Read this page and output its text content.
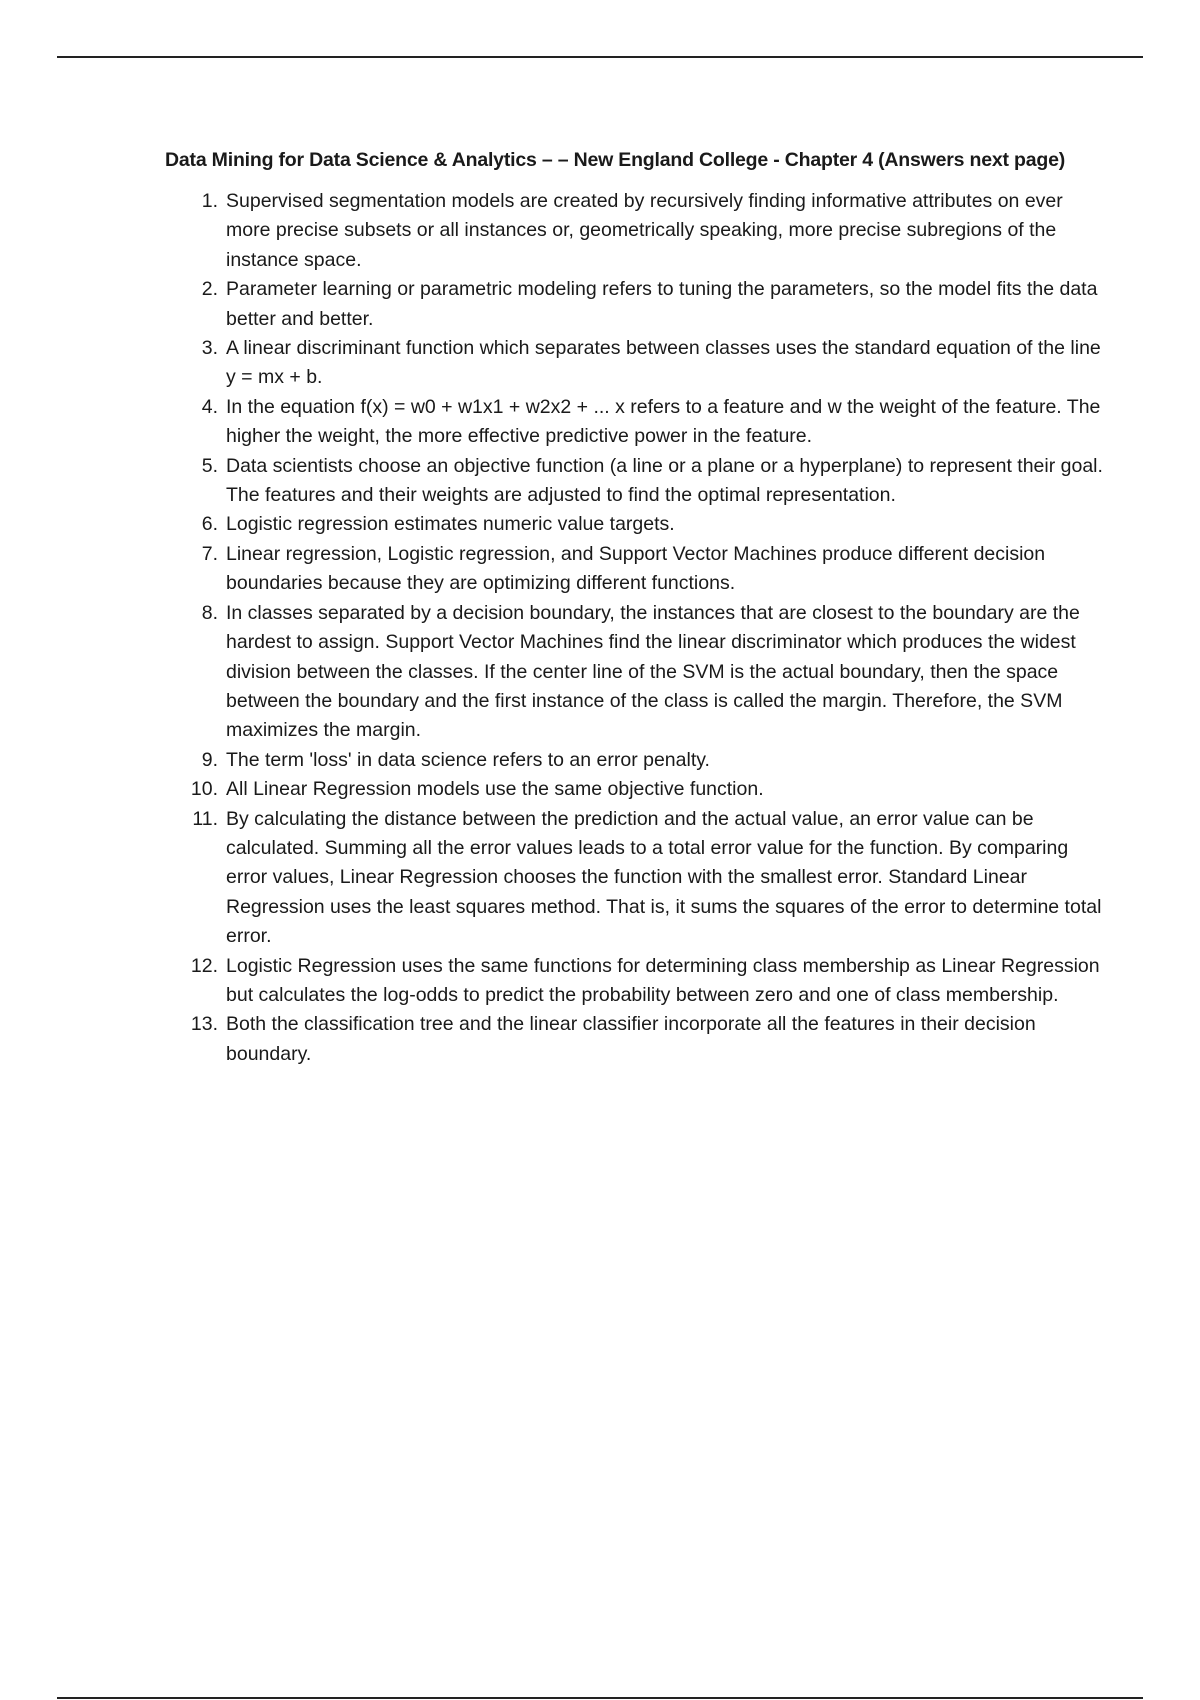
Data Mining for Data Science & Analytics – – New England College - Chapter 4 (Answers next page)
1. Supervised segmentation models are created by recursively finding informative attributes on ever more precise subsets or all instances or, geometrically speaking, more precise subregions of the instance space.
2. Parameter learning or parametric modeling refers to tuning the parameters, so the model fits the data better and better.
3. A linear discriminant function which separates between classes uses the standard equation of the line y = mx + b.
4. In the equation f(x) = w0 + w1x1 + w2x2 + ... x refers to a feature and w the weight of the feature. The higher the weight, the more effective predictive power in the feature.
5. Data scientists choose an objective function (a line or a plane or a hyperplane) to represent their goal. The features and their weights are adjusted to find the optimal representation.
6. Logistic regression estimates numeric value targets.
7. Linear regression, Logistic regression, and Support Vector Machines produce different decision boundaries because they are optimizing different functions.
8. In classes separated by a decision boundary, the instances that are closest to the boundary are the hardest to assign. Support Vector Machines find the linear discriminator which produces the widest division between the classes. If the center line of the SVM is the actual boundary, then the space between the boundary and the first instance of the class is called the margin. Therefore, the SVM maximizes the margin.
9. The term 'loss' in data science refers to an error penalty.
10. All Linear Regression models use the same objective function.
11. By calculating the distance between the prediction and the actual value, an error value can be calculated. Summing all the error values leads to a total error value for the function. By comparing error values, Linear Regression chooses the function with the smallest error. Standard Linear Regression uses the least squares method. That is, it sums the squares of the error to determine total error.
12. Logistic Regression uses the same functions for determining class membership as Linear Regression but calculates the log-odds to predict the probability between zero and one of class membership.
13. Both the classification tree and the linear classifier incorporate all the features in their decision boundary.
